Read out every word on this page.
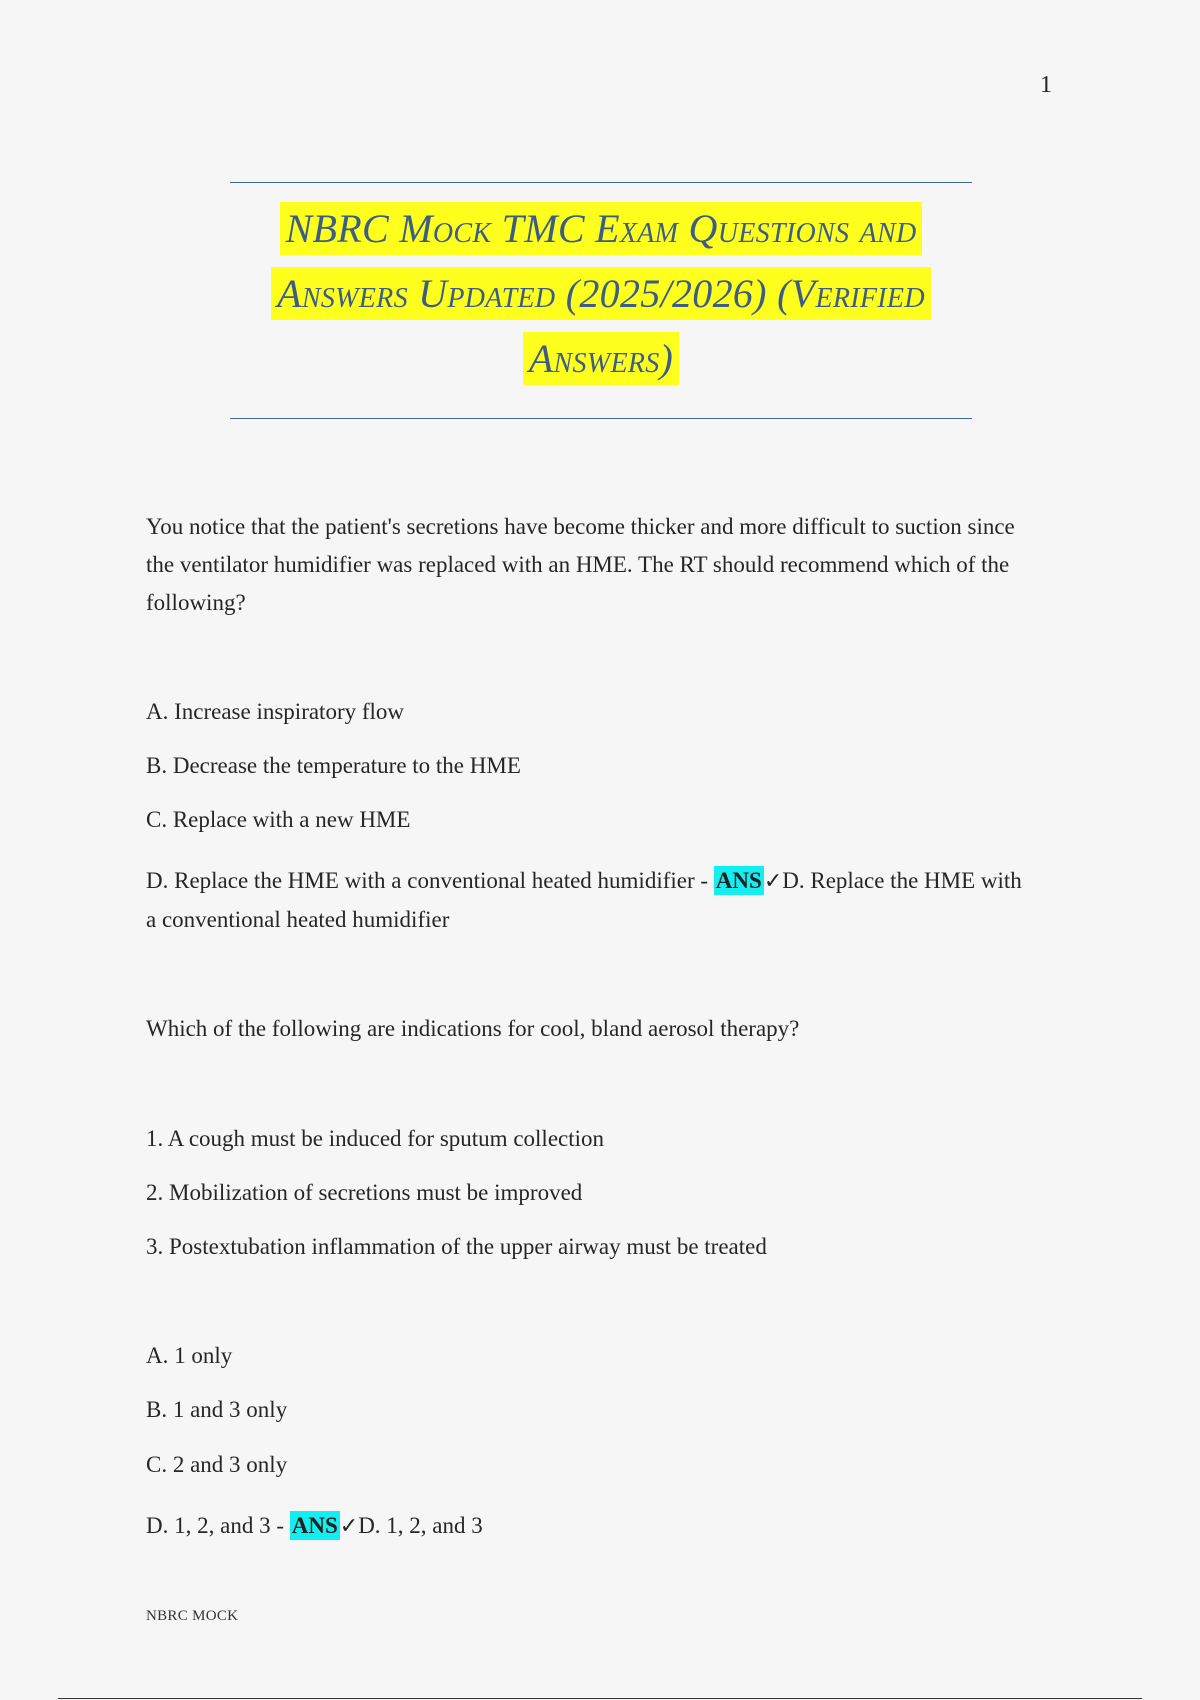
1
NBRC Mock TMC Exam Questions and
Answers Updated (2025/2026) (Verified
Answers)
You notice that the patient's secretions have become thicker and more difficult to suction since the ventilator humidifier was replaced with an HME. The RT should recommend which of the following?
A. Increase inspiratory flow
B. Decrease the temperature to the HME
C. Replace with a new HME
D. Replace the HME with a conventional heated humidifier - ANS✓D. Replace the HME with a conventional heated humidifier
Which of the following are indications for cool, bland aerosol therapy?
1. A cough must be induced for sputum collection
2. Mobilization of secretions must be improved
3. Postextubation inflammation of the upper airway must be treated
A. 1 only
B. 1 and 3 only
C. 2 and 3 only
D. 1, 2, and 3 - ANS✓D. 1, 2, and 3
NBRC MOCK
